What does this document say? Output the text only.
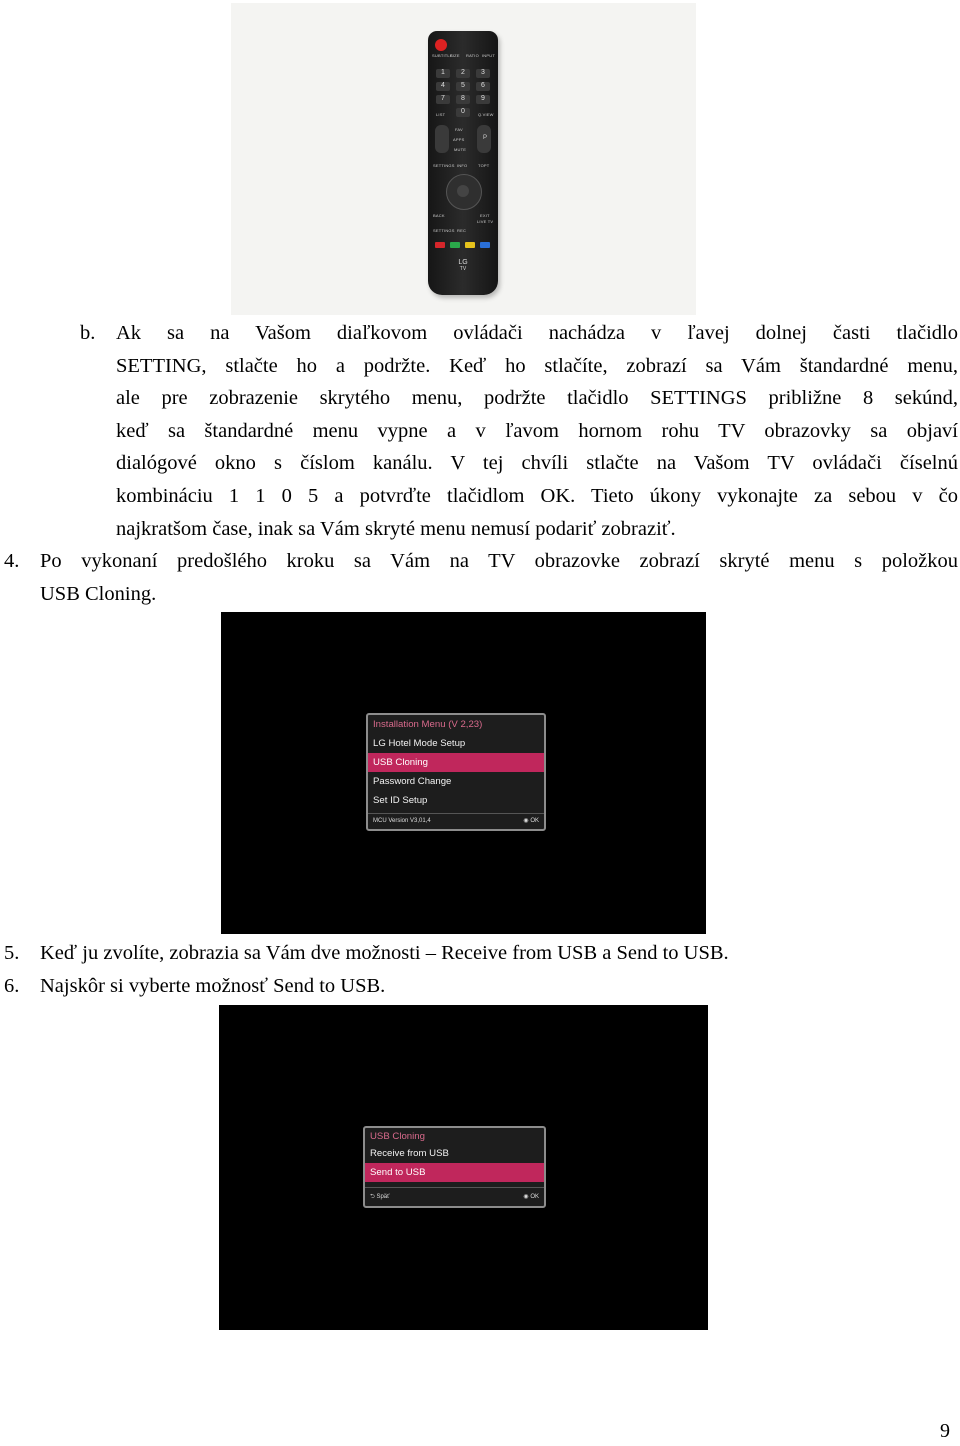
SUBTITLE
SIZE RATIO INPUT
1	2	3
4	5	6
7	8	9
LIST	0	Q.VIEW
FAV
APPS
MUTE
P
SETTINGS INFO	TOPT
BACK	EXIT
LIVE TV
SETTINGS REC
LG
TV
b. Ak sa na Vašom diaľkovom ovládači nachádza v ľavej dolnej časti tlačidlo
SETTING, stlačte ho a podržte. Keď ho stlačíte, zobrazí sa Vám štandardné menu,
ale pre zobrazenie skrytého menu, podržte tlačidlo SETTINGS približne 8 sekúnd,
keď sa štandardné menu vypne a v ľavom hornom rohu TV obrazovky sa objaví
dialógové okno s číslom kanálu. V tej chvíli stlačte na Vašom TV ovládači číselnú
kombináciu 1 1 0 5 a potvrďte tlačidlom OK. Tieto úkony vykonajte za sebou v čo
najkratšom čase, inak sa Vám skryté menu nemusí podariť zobraziť.
4. Po vykonaní predošlého kroku sa Vám na TV obrazovke zobrazí skryté menu s položkou
USB Cloning.
Installation Menu (V 2,23)
LG Hotel Mode Setup
USB Cloning
Password Change
Set ID Setup
MCU Version V3,01,4	◉ OK
5. Keď ju zvolíte, zobrazia sa Vám dve možnosti – Receive from USB a Send to USB.
6. Najskôr si vyberte možnosť Send to USB.
USB Cloning
Receive from USB
Send to USB
⮌ Späť	◉ OK
9
